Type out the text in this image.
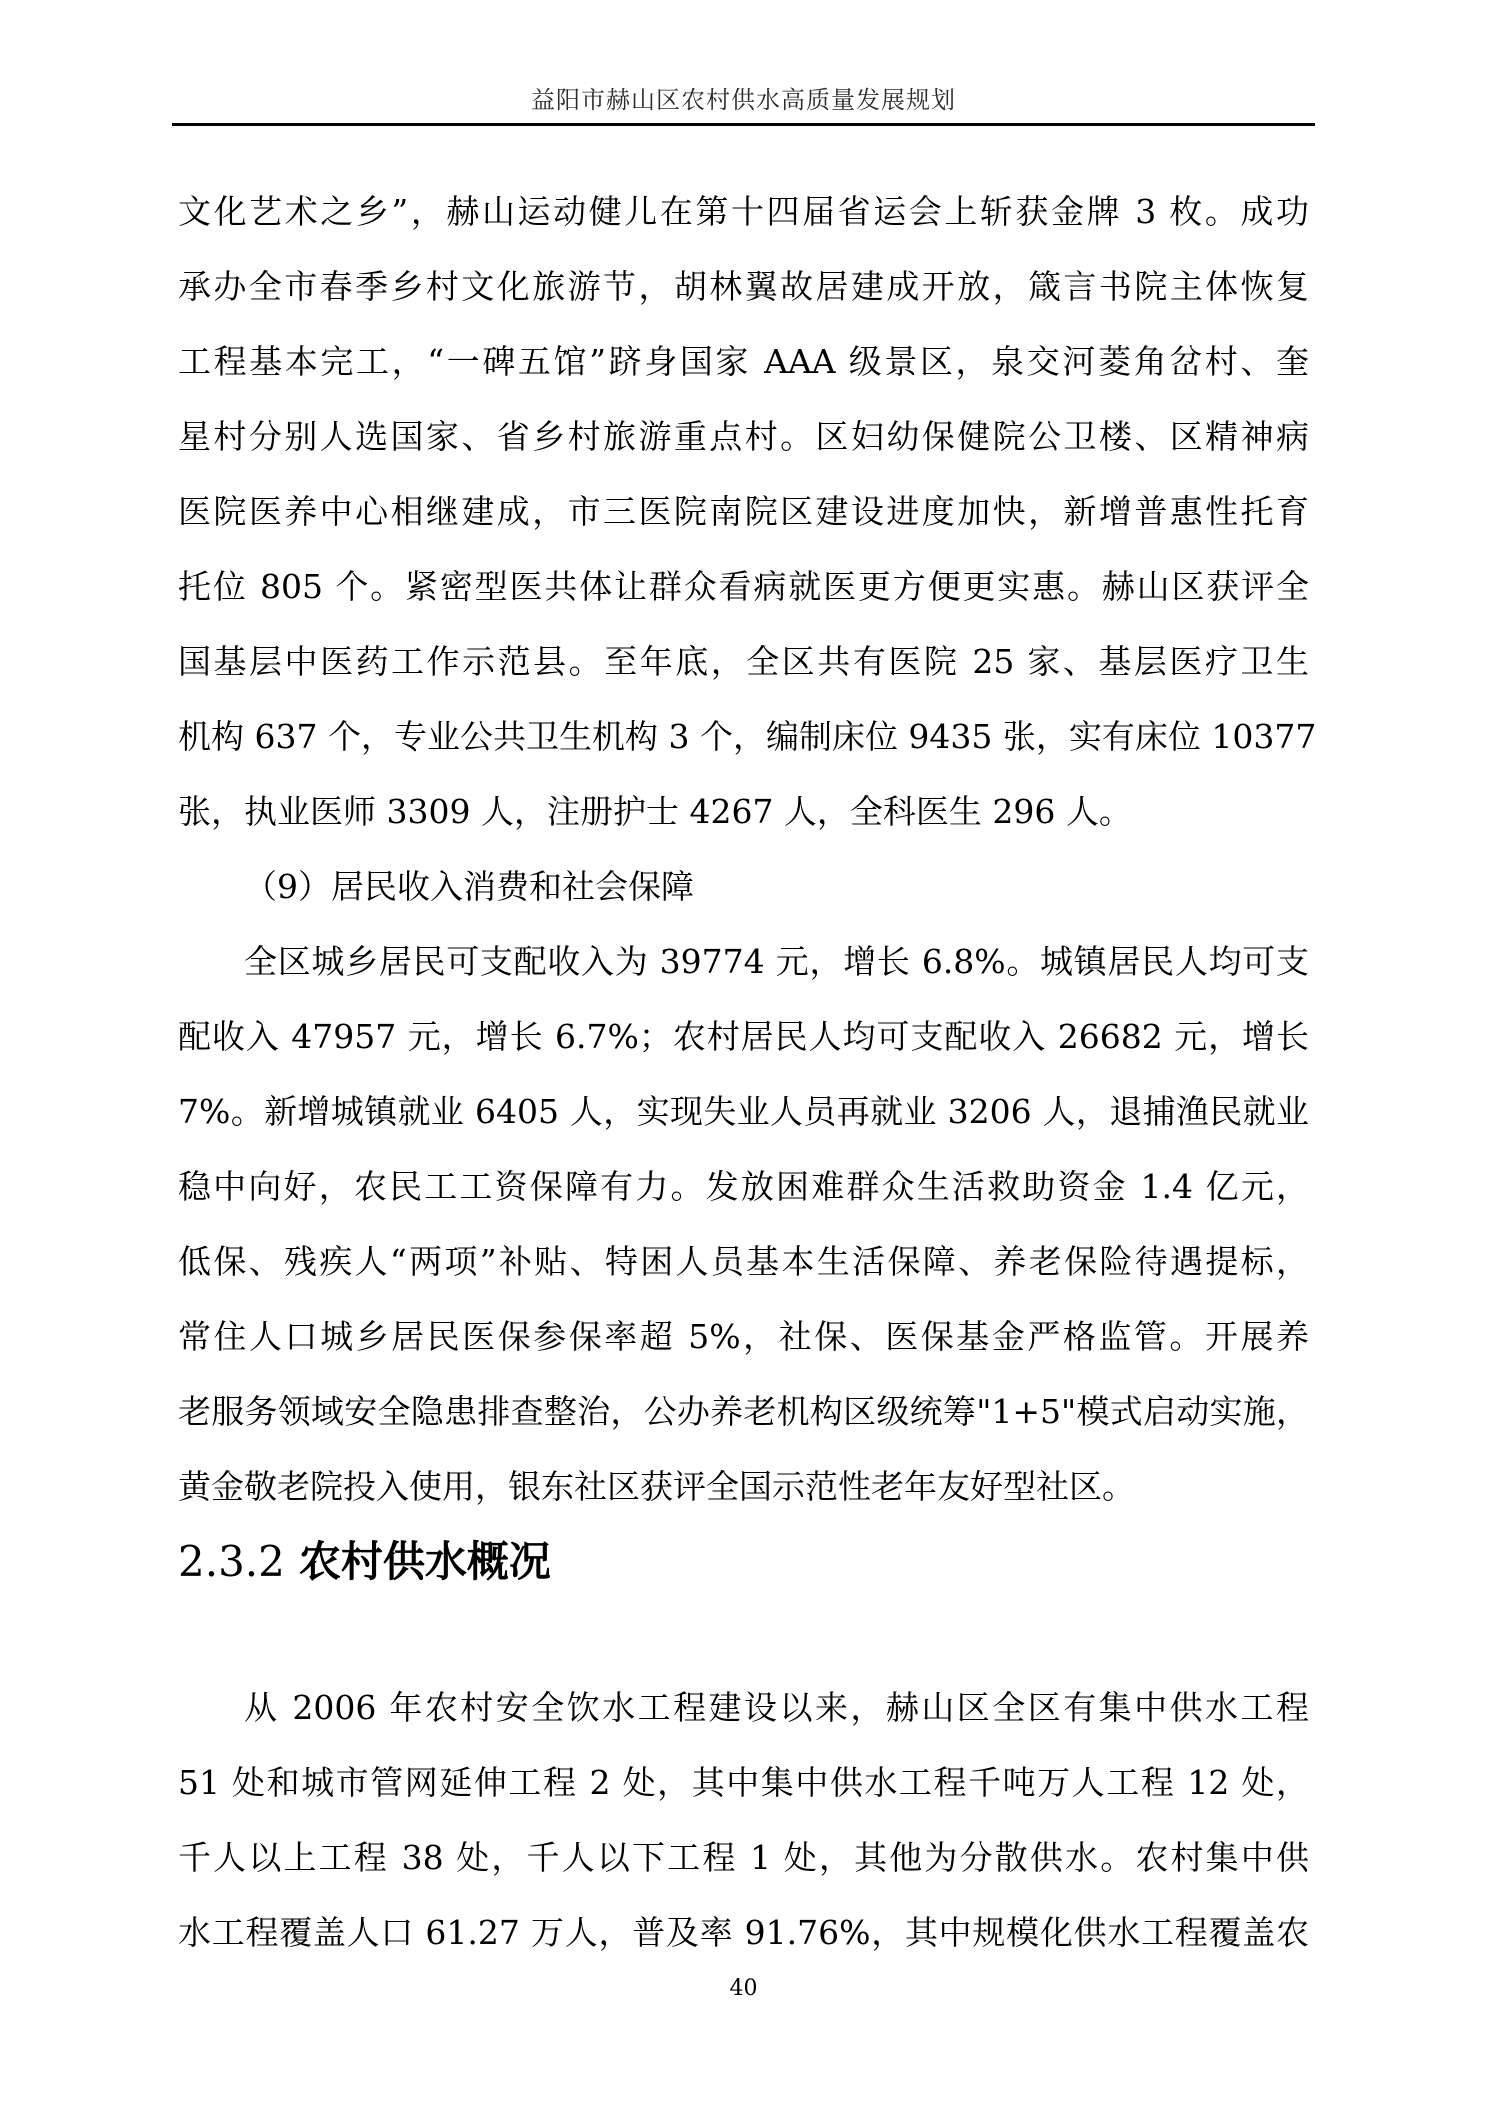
益阳市赫山区农村供水高质量发展规划
文化艺术之乡”，赫山运动健儿在第十四届省运会上斩获金牌 3 枚。成功
承办全市春季乡村文化旅游节，胡林翼故居建成开放，箴言书院主体恢复
工程基本完工，“一碑五馆”跻身国家 AAA 级景区，泉交河菱角岔村、奎
星村分别人选国家、省乡村旅游重点村。区妇幼保健院公卫楼、区精神病
医院医养中心相继建成，市三医院南院区建设进度加快，新增普惠性托育
托位 805 个。紧密型医共体让群众看病就医更方便更实惠。赫山区获评全
国基层中医药工作示范县。至年底，全区共有医院 25 家、基层医疗卫生
机构 637 个，专业公共卫生机构 3 个，编制床位 9435 张，实有床位 10377
张，执业医师 3309 人，注册护士 4267 人，全科医生 296 人。
（9）居民收入消费和社会保障
全区城乡居民可支配收入为 39774 元，增长 6.8%。城镇居民人均可支
配收入 47957 元，增长 6.7%；农村居民人均可支配收入 26682 元，增长
7%。新增城镇就业 6405 人，实现失业人员再就业 3206 人，退捕渔民就业
稳中向好，农民工工资保障有力。发放困难群众生活救助资金 1.4 亿元，
低保、残疾人“两项”补贴、特困人员基本生活保障、养老保险待遇提标，
常住人口城乡居民医保参保率超 5%，社保、医保基金严格监管。开展养
老服务领域安全隐患排查整治，公办养老机构区级统筹"1+5"模式启动实施，
黄金敬老院投入使用，银东社区获评全国示范性老年友好型社区。
2.3.2 农村供水概况
从 2006 年农村安全饮水工程建设以来，赫山区全区有集中供水工程
51 处和城市管网延伸工程 2 处，其中集中供水工程千吨万人工程 12 处，
千人以上工程 38 处，千人以下工程 1 处，其他为分散供水。农村集中供
水工程覆盖人口 61.27 万人，普及率 91.76%，其中规模化供水工程覆盖农
40
